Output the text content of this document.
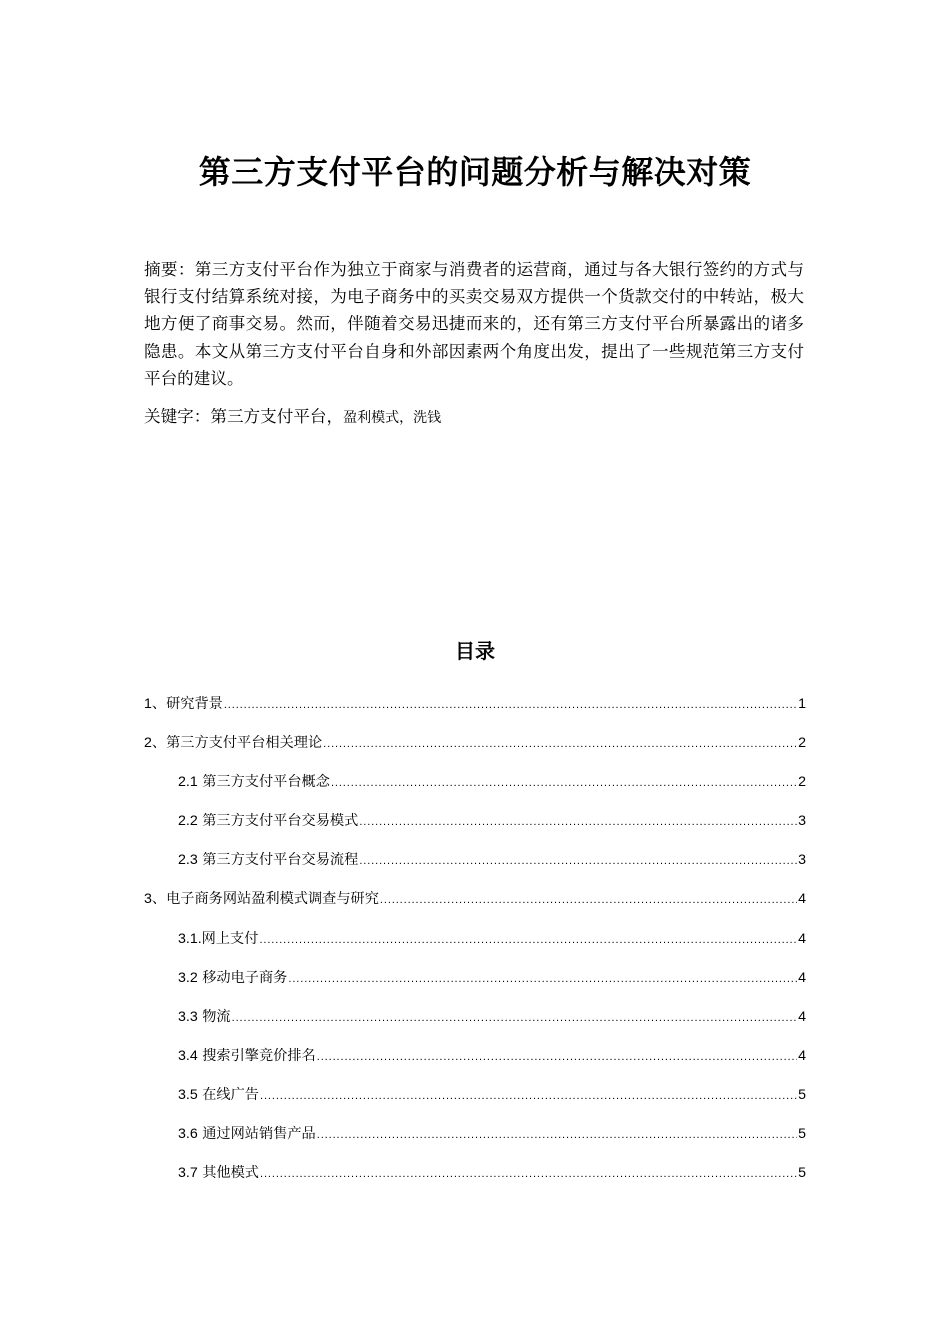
第三方支付平台的问题分析与解决对策

摘要：第三方支付平台作为独立于商家与消费者的运营商，通过与各大银行签约的方式与银行支付结算系统对接，为电子商务中的买卖交易双方提供一个货款交付的中转站，极大地方便了商事交易。然而，伴随着交易迅捷而来的，还有第三方支付平台所暴露出的诸多隐患。本文从第三方支付平台自身和外部因素两个角度出发，提出了一些规范第三方支付平台的建议。

关键字：第三方支付平台，盈利模式，洗钱

目录
1、研究背景 .....	1
2、第三方支付平台相关理论 .....	2
2.1 第三方支付平台概念 .....	2
2.2 第三方支付平台交易模式 .....	3
2.3 第三方支付平台交易流程 .....	3
3、电子商务网站盈利模式调查与研究 .....	4
3.1.网上支付 .....	4
3.2 移动电子商务 .....	4
3.3 物流 .....	4
3.4 搜索引擎竞价排名 .....	4
3.5 在线广告 .....	5
3.6 通过网站销售产品 .....	5
3.7 其他模式 .....	5
